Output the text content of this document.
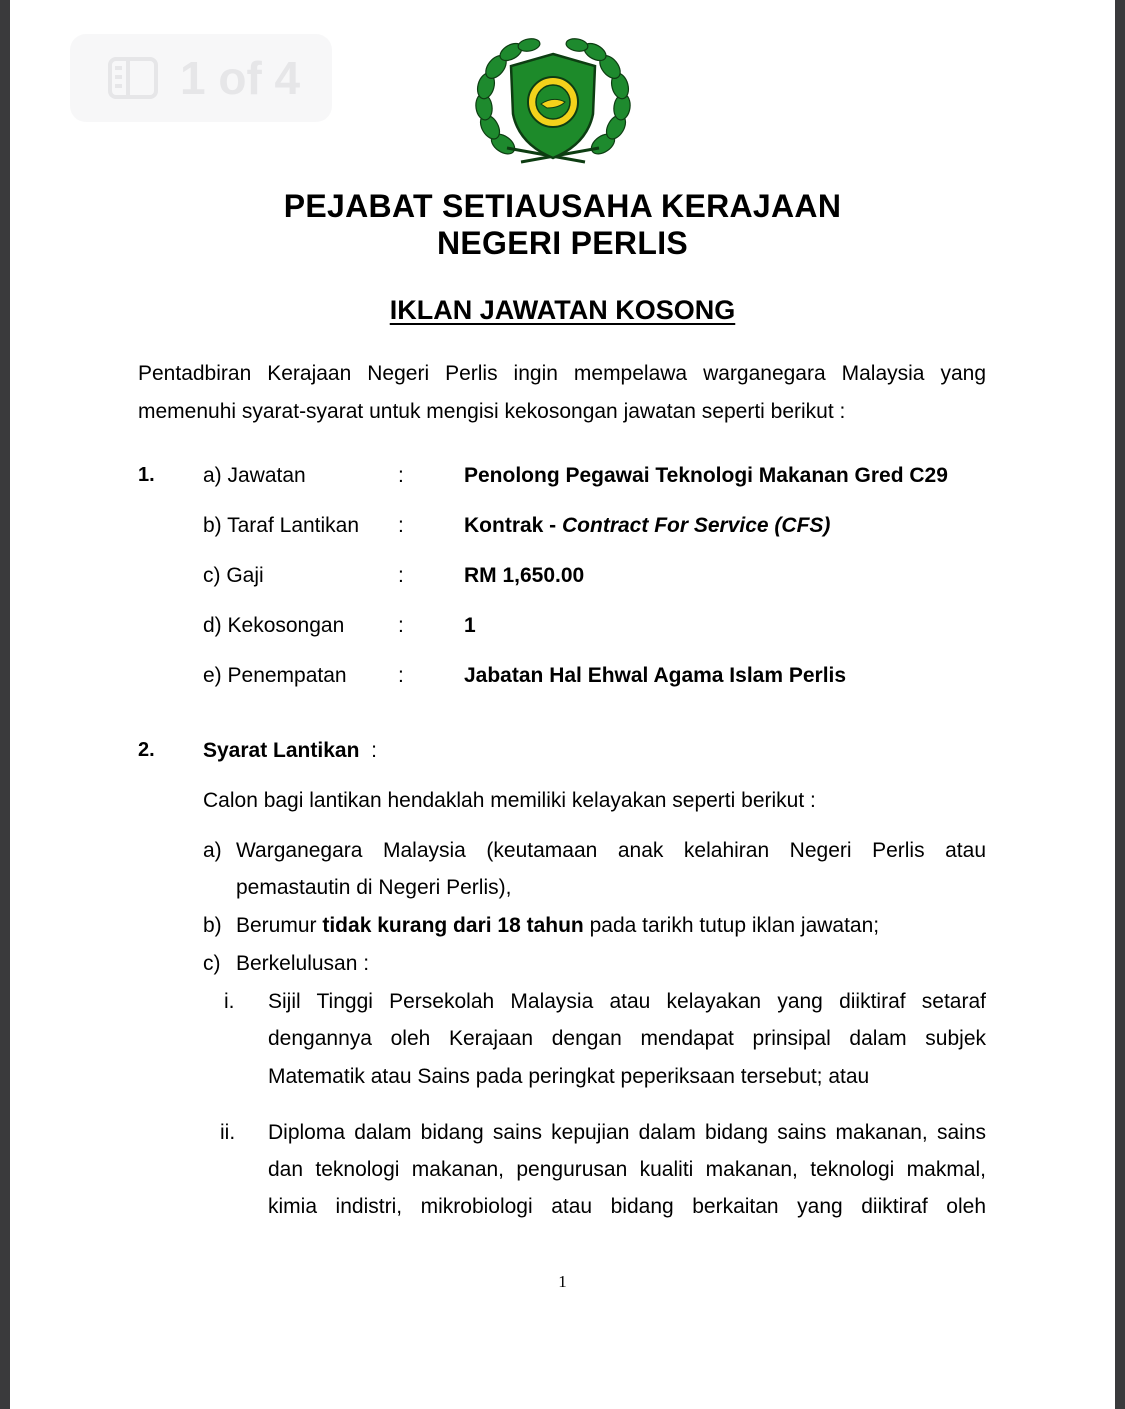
1 of 4
PEJABAT SETIAUSAHA KERAJAAN
NEGERI PERLIS
IKLAN JAWATAN KOSONG
Pentadbiran Kerajaan Negeri Perlis ingin mempelawa warganegara Malaysia yang
memenuhi syarat-syarat untuk mengisi kekosongan jawatan seperti berikut :
1. a) Jawatan	:	Penolong Pegawai Teknologi Makanan Gred C29
b) Taraf Lantikan :	Kontrak - Contract For Service (CFS)
c) Gaji	:	RM 1,650.00
d) Kekosongan	:	1
e) Penempatan :	Jabatan Hal Ehwal Agama Islam Perlis
2. Syarat Lantikan :
Calon bagi lantikan hendaklah memiliki kelayakan seperti berikut :
a) Warganegara Malaysia (keutamaan anak kelahiran Negeri Perlis atau
pemastautin di Negeri Perlis),
b) Berumur tidak kurang dari 18 tahun pada tarikh tutup iklan jawatan;
c) Berkelulusan :
i. Sijil Tinggi Persekolah Malaysia atau kelayakan yang diiktiraf setaraf
dengannya oleh Kerajaan dengan mendapat prinsipal dalam subjek
Matematik atau Sains pada peringkat peperiksaan tersebut; atau
ii. Diploma dalam bidang sains kepujian dalam bidang sains makanan, sains
dan teknologi makanan, pengurusan kualiti makanan, teknologi makmal,
kimia indistri, mikrobiologi atau bidang berkaitan yang diiktiraf oleh
1
